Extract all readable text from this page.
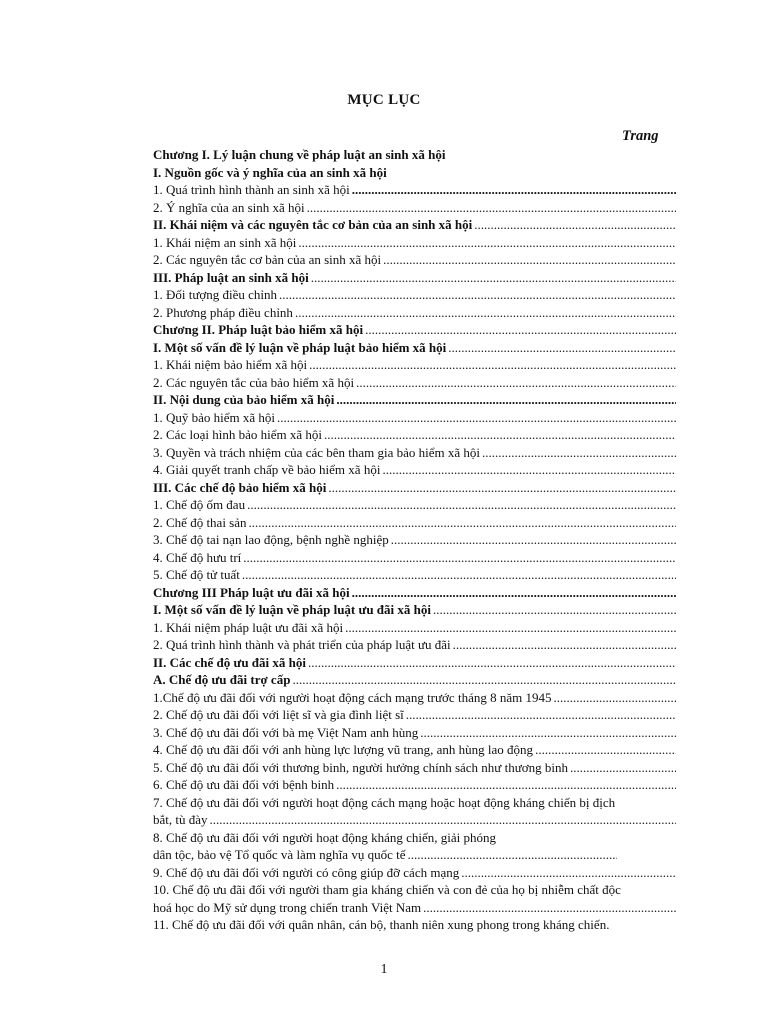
MỤC LỤC
Trang
Chương I. Lý luận chung về pháp luật an sinh xã hội
I. Nguồn gốc và ý nghĩa của an sinh xã hội
1. Quá trình hình thành an sinh xã hội
.....
2. Ý nghĩa của an sinh xã hội
.....
II. Khái niệm và các nguyên tắc cơ bản của an sinh xã hội
.....
1. Khái niệm an sinh xã hội
.....
2. Các nguyên tắc cơ bản của an sinh xã hội
.....
III. Pháp luật an sinh xã hội
.....
1. Đối tượng điều chỉnh
.....
2. Phương pháp điều chỉnh
.....
Chương II. Pháp luật bảo hiểm xã hội
.....
I. Một số vấn đề lý luận về pháp luật bảo hiểm xã hội
.....
1. Khái niệm bảo hiểm xã hội
.....
2. Các nguyên tắc của bảo hiểm xã hội
.....
II. Nội dung của bảo hiểm xã hội
.....
1. Quỹ bảo hiểm xã hội
.....
2. Các loại hình bảo hiểm xã hội
.....
3. Quyền và trách nhiệm của các bên tham gia bảo hiểm xã hội
.....
4. Giải quyết tranh chấp về bảo hiểm xã hội
.....
III. Các chế độ bảo hiểm xã hội
.....
1. Chế độ ốm đau
.....
2. Chế độ thai sản
.....
3. Chế độ tai nạn lao động, bệnh nghề nghiệp
.....
4. Chế độ hưu trí
.....
5. Chế độ tử tuất
.....
Chương III Pháp luật ưu đãi xã hội
.....
I. Một số vấn đề lý luận về pháp luật ưu đãi xã hội
.....
1. Khái niệm pháp luật ưu đãi xã hội
.....
2. Quá trình hình thành và phát triển của pháp luật ưu đãi
.....
II. Các chế độ ưu đãi xã hội
.....
A. Chế độ ưu đãi trợ cấp
.....
1.Chế độ ưu đãi đối với người hoạt động cách mạng trước tháng 8 năm 1945
.....
2. Chế độ ưu đãi đối với liệt sĩ và gia đình liệt sĩ
.....
3. Chế độ ưu đãi đối với bà mẹ Việt Nam anh hùng
.....
4. Chế độ ưu đãi đối với anh hùng lực lượng vũ trang, anh hùng lao động
.....
5. Chế độ ưu đãi đối với thương binh, người hưởng chính sách như thương binh
.....
6. Chế độ ưu đãi đối với bệnh binh
.....
7. Chế độ ưu đãi đối với người hoạt động cách mạng hoặc hoạt động kháng chiến bị địch
bắt, tù đày
.....
8. Chế độ ưu đãi đối với người hoạt động kháng chiến, giải phóng
dân tộc, bảo vệ Tổ quốc và làm nghĩa vụ quốc tế
.....
9. Chế độ ưu đãi đối với người có công giúp đỡ cách mạng
.....
10. Chế độ ưu đãi đối với người tham gia kháng chiến và con đẻ của họ bị nhiễm chất độc
hoá học do Mỹ sử dụng trong chiến tranh Việt Nam
.....
11. Chế độ ưu đãi đối với quân nhân, cán bộ, thanh niên xung phong trong kháng chiến.
1
